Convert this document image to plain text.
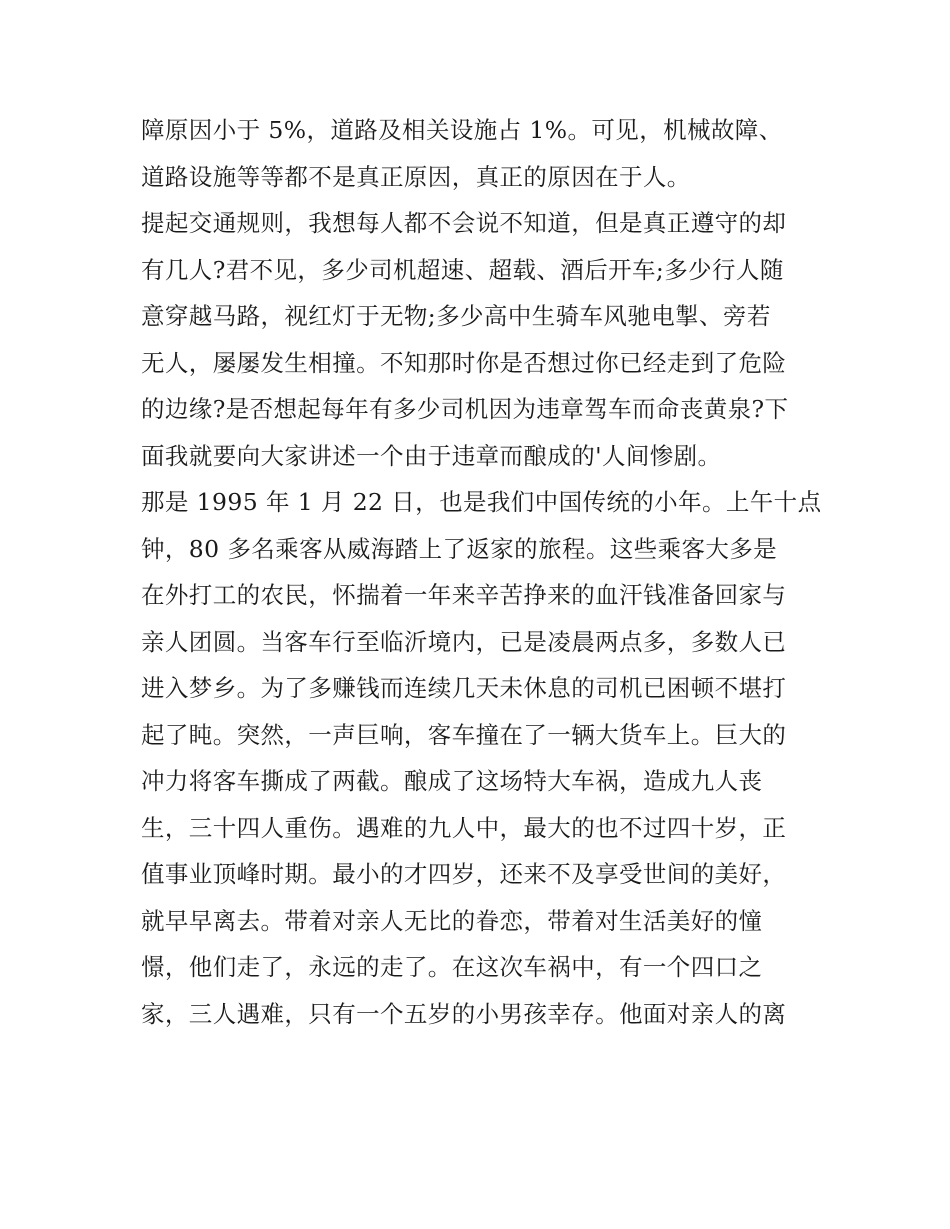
障原因小于 5%，道路及相关设施占 1%。可见，机械故障、
道路设施等等都不是真正原因，真正的原因在于人。
提起交通规则，我想每人都不会说不知道，但是真正遵守的却
有几人?君不见，多少司机超速、超载、酒后开车;多少行人随
意穿越马路，视红灯于无物;多少高中生骑车风驰电掣、旁若
无人，屡屡发生相撞。不知那时你是否想过你已经走到了危险
的边缘?是否想起每年有多少司机因为违章驾车而命丧黄泉?下
面我就要向大家讲述一个由于违章而酿成的'人间惨剧。
那是 1995 年 1 月 22 日，也是我们中国传统的小年。上午十点
钟，80 多名乘客从威海踏上了返家的旅程。这些乘客大多是
在外打工的农民，怀揣着一年来辛苦挣来的血汗钱准备回家与
亲人团圆。当客车行至临沂境内，已是凌晨两点多，多数人已
进入梦乡。为了多赚钱而连续几天未休息的司机已困顿不堪打
起了盹。突然，一声巨响，客车撞在了一辆大货车上。巨大的
冲力将客车撕成了两截。酿成了这场特大车祸，造成九人丧
生，三十四人重伤。遇难的九人中，最大的也不过四十岁，正
值事业顶峰时期。最小的才四岁，还来不及享受世间的美好，
就早早离去。带着对亲人无比的眷恋，带着对生活美好的憧
憬，他们走了，永远的走了。在这次车祸中，有一个四口之
家，三人遇难，只有一个五岁的小男孩幸存。他面对亲人的离
